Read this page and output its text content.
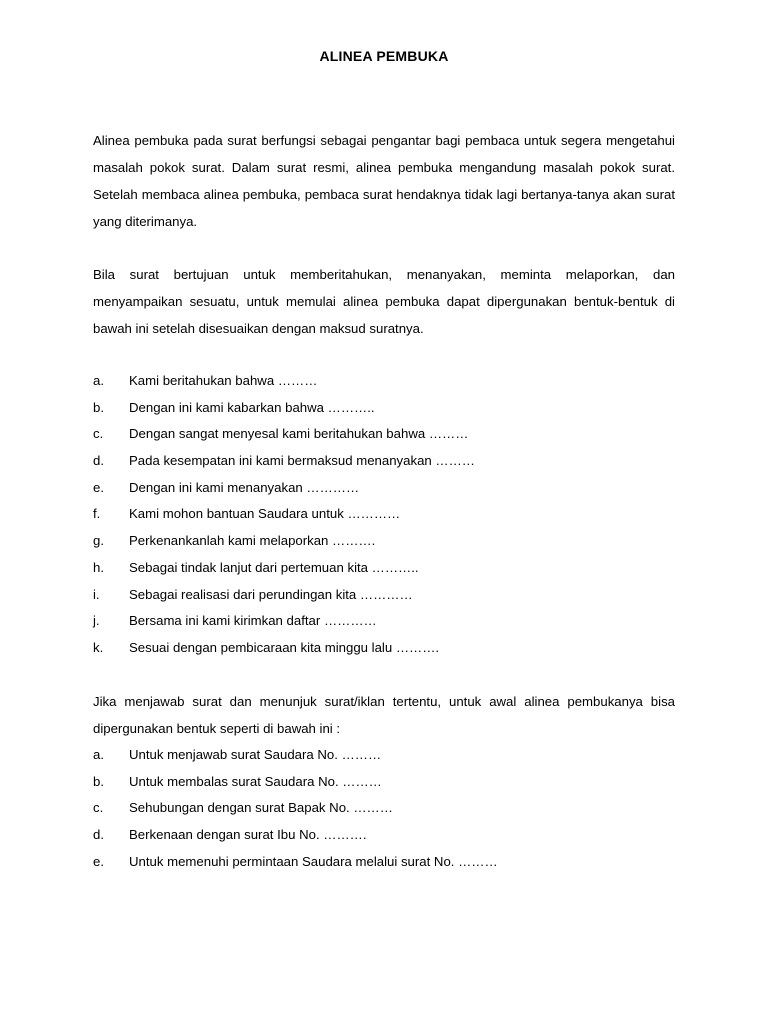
ALINEA PEMBUKA
Alinea pembuka pada surat berfungsi sebagai pengantar bagi pembaca untuk segera mengetahui masalah pokok surat. Dalam surat resmi, alinea pembuka mengandung masalah pokok surat. Setelah membaca alinea pembuka, pembaca surat hendaknya tidak lagi bertanya-tanya akan surat yang diterimanya.
Bila surat bertujuan untuk memberitahukan, menanyakan, meminta melaporkan, dan menyampaikan sesuatu, untuk memulai alinea pembuka dapat dipergunakan bentuk-bentuk di bawah ini setelah disesuaikan dengan maksud suratnya.
a. Kami beritahukan bahwa ………
b. Dengan ini kami kabarkan bahwa ………..
c. Dengan sangat menyesal kami beritahukan bahwa ………
d. Pada kesempatan ini kami bermaksud menanyakan ………
e. Dengan ini kami menanyakan …………
f. Kami mohon bantuan Saudara untuk …………
g. Perkenankanlah kami melaporkan ……….
h. Sebagai tindak lanjut dari pertemuan kita ………..
i. Sebagai realisasi dari perundingan kita …………
j. Bersama ini kami kirimkan daftar …………
k. Sesuai dengan pembicaraan kita minggu lalu ……….
Jika menjawab surat dan menunjuk surat/iklan tertentu, untuk awal alinea pembukanya bisa dipergunakan bentuk seperti di bawah ini :
a. Untuk menjawab surat Saudara No. ………
b. Untuk membalas surat Saudara No. ………
c. Sehubungan dengan surat Bapak No. ………
d. Berkenaan dengan surat Ibu No. ……….
e. Untuk memenuhi permintaan Saudara melalui surat No. ………
